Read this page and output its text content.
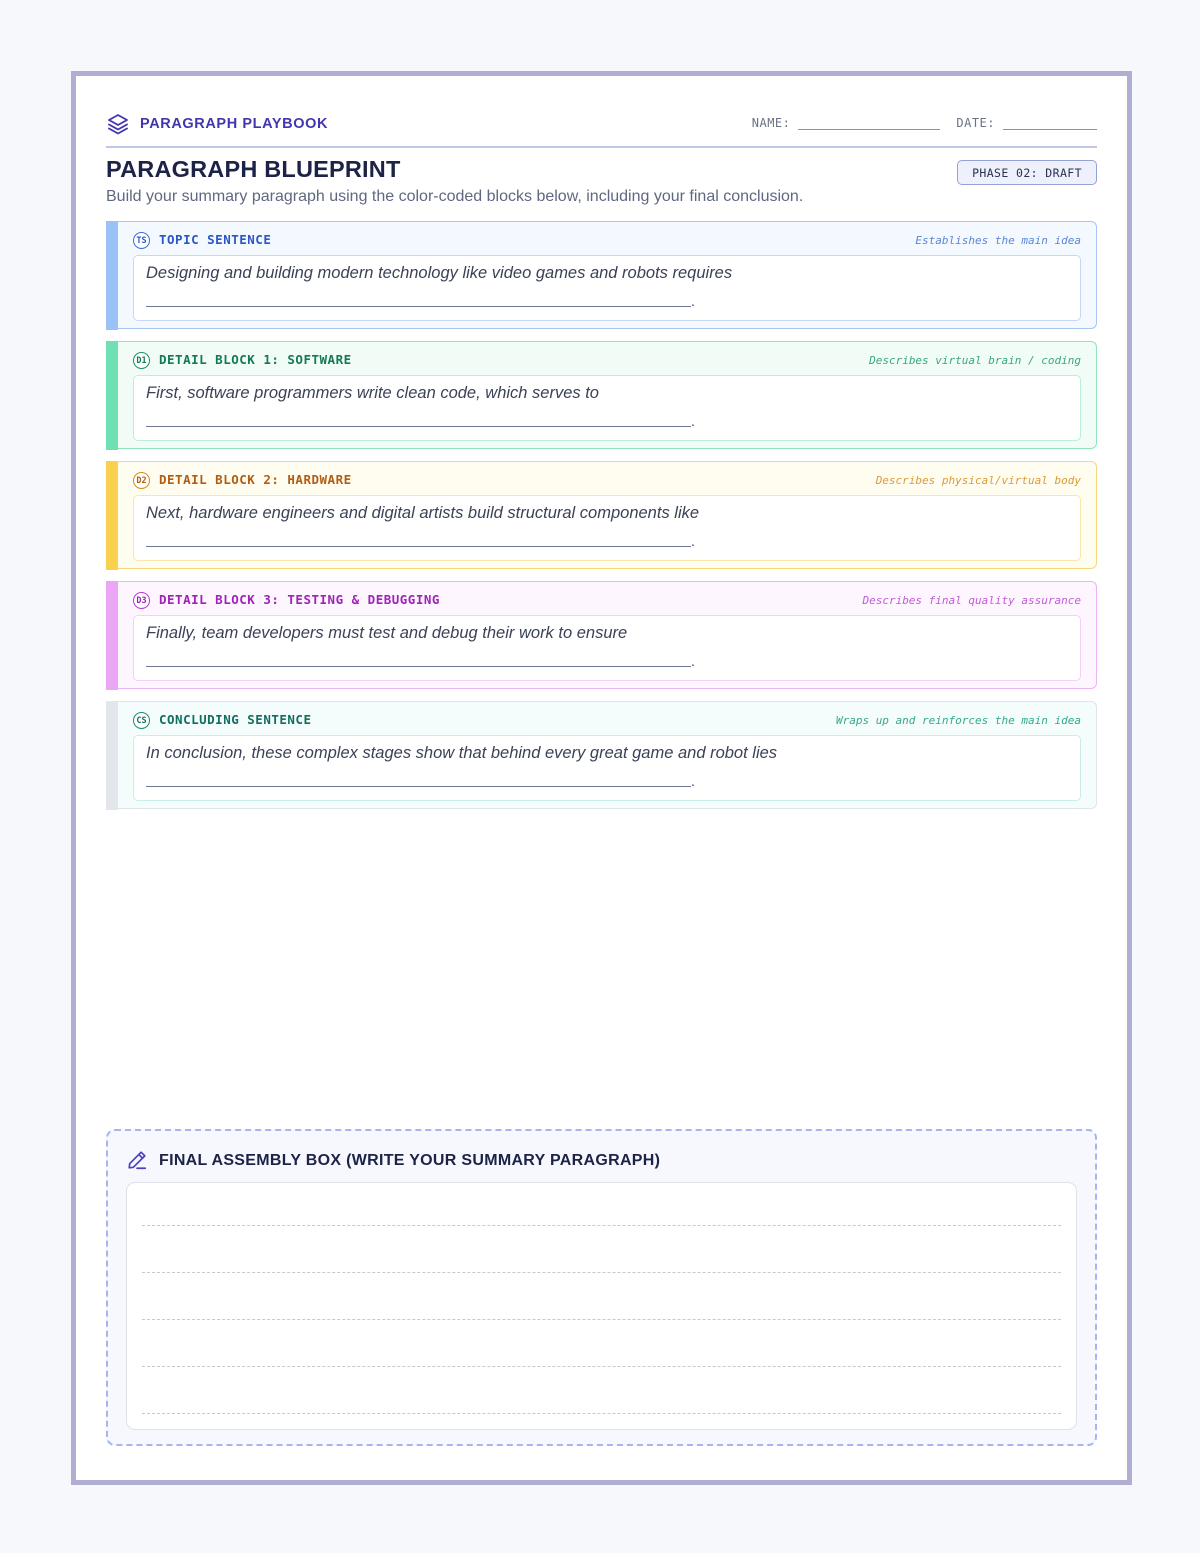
PARAGRAPH PLAYBOOK	NAME:	DATE:
PARAGRAPH BLUEPRINT	PHASE 02: DRAFT
Build your summary paragraph using the color-coded blocks below, including your final conclusion.
TS TOPIC SENTENCE	Establishes the main idea
Designing and building modern technology like video games and robots requires
.
D1 DETAIL BLOCK 1: SOFTWARE	Describes virtual brain / coding
First, software programmers write clean code, which serves to
.
D2 DETAIL BLOCK 2: HARDWARE	Describes physical/virtual body
Next, hardware engineers and digital artists build structural components like
.
D3 DETAIL BLOCK 3: TESTING & DEBUGGING	Describes final quality assurance
Finally, team developers must test and debug their work to ensure
.
CS CONCLUDING SENTENCE	Wraps up and reinforces the main idea
In conclusion, these complex stages show that behind every great game and robot lies
.
FINAL ASSEMBLY BOX (WRITE YOUR SUMMARY PARAGRAPH)
